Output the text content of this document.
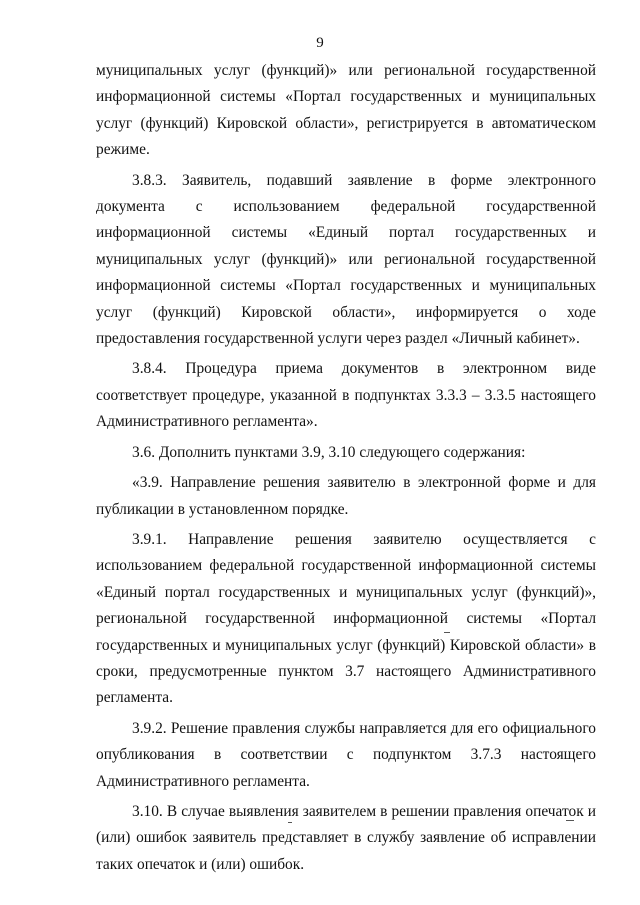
9

муниципальных услуг (функций)» или региональной государственной информационной системы «Портал государственных и муниципальных услуг (функций) Кировской области», регистрируется в автоматическом режиме.

3.8.3. Заявитель, подавший заявление в форме электронного документа с использованием федеральной государственной информационной системы «Единый портал государственных и муниципальных услуг (функций)» или региональной государственной информационной системы «Портал государственных и муниципальных услуг (функций) Кировской области», информируется о ходе предоставления государственной услуги через раздел «Личный кабинет».

3.8.4. Процедура приема документов в электронном виде соответствует процедуре, указанной в подпунктах 3.3.3 – 3.3.5 настоящего Административного регламента».

3.6. Дополнить пунктами 3.9, 3.10 следующего содержания:

«3.9. Направление решения заявителю в электронной форме и для публикации в установленном порядке.

3.9.1. Направление решения заявителю осуществляется с использованием федеральной государственной информационной системы «Единый портал государственных и муниципальных услуг (функций)», региональной государственной информационной системы «Портал государственных и муниципальных услуг (функций) Кировской области» в сроки, предусмотренные пунктом 3.7 настоящего Административного регламента.

3.9.2. Решение правления службы направляется для его официального опубликования в соответствии с подпунктом 3.7.3 настоящего Административного регламента.

3.10. В случае выявления заявителем в решении правления опечаток и (или) ошибок заявитель представляет в службу заявление об исправлении таких опечаток и (или) ошибок.
